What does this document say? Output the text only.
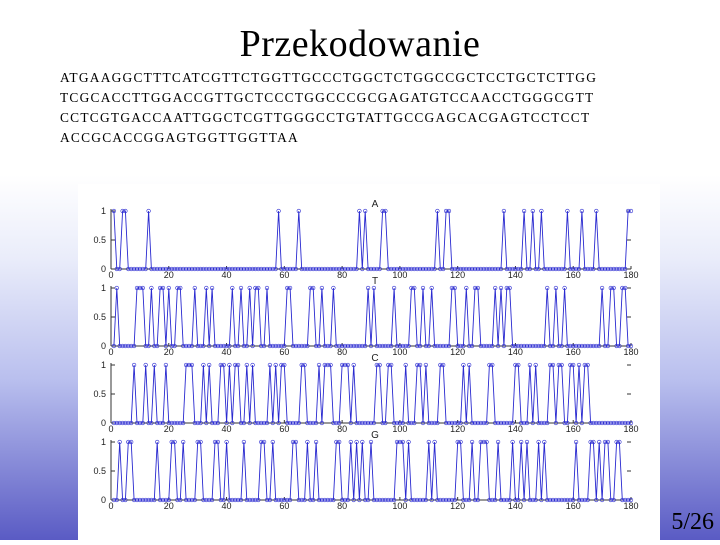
Przekodowanie
ATGAAGGCTTTCATCGTTCTGGTTGCCCTGGCTCTGGCCGCTCCTGCTCTTGG
TCGCACCTTGGACCGTTGCTCCCTGGCCCGCGAGATGTCCAACCTGGGCGTT
CCTCGTGACCAATTGGCTCGTTGGGCCTGTATTGCCGAGCACGAGTCCTCCT
ACCGCACCGGAGTGGTTGGTTAA
A
0
0.5
1
0	20	40	60	80	100	120	140	160	180
T
0
0.5
1
0	20	40	60	80	100	120	140	160	180
C
0
0.5
1
0	20	40	60	80	100	120	140	160	180
G
0
0.5
1
0	20	40	60	80	100	120	140	160	180
5/26
